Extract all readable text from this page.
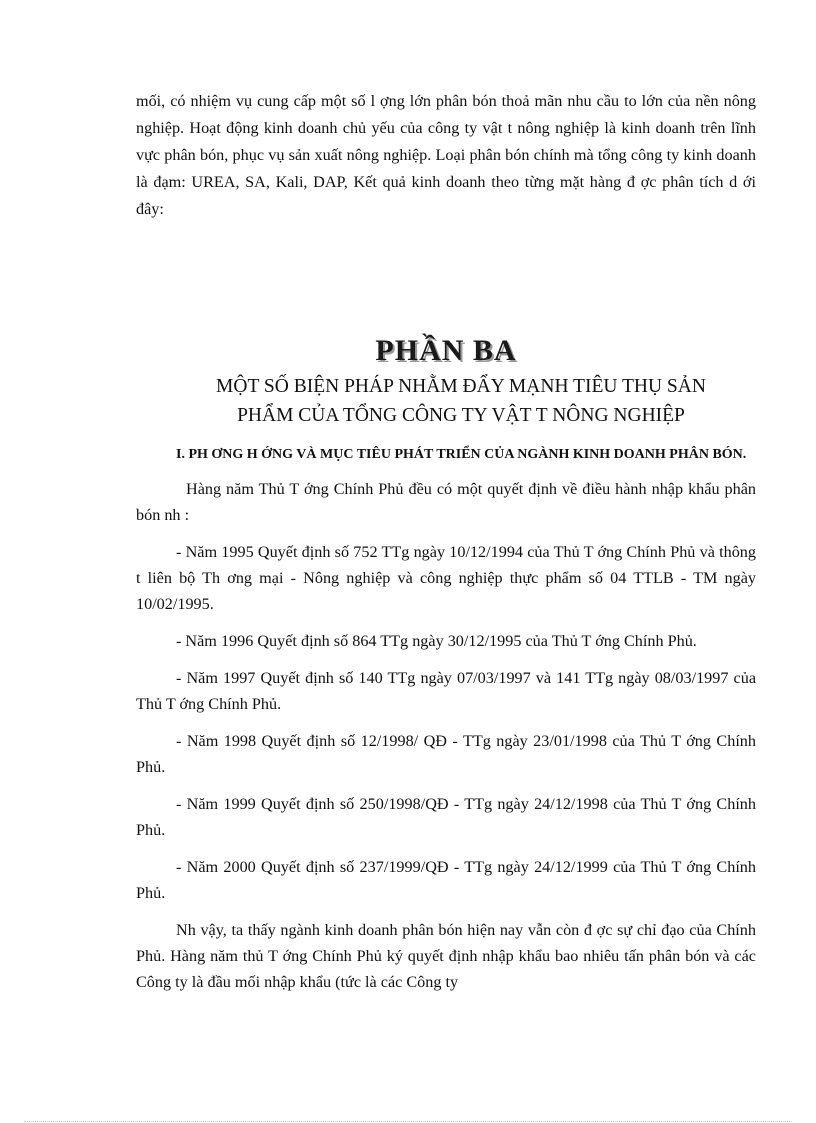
mối, có nhiệm vụ cung cấp một số l ợng lớn phân bón thoả mãn nhu cầu to lớn của nền nông nghiệp. Hoạt động kinh doanh chủ yếu của công ty vật t nông nghiệp là kinh doanh trên lĩnh vực phân bón, phục vụ sản xuất nông nghiệp. Loại phân bón chính mà tổng công ty kinh doanh là đạm: UREA, SA, Kali, DAP, Kết quả kinh doanh theo từng mặt hàng đ ợc phân tích d ới đây:

PHẦN BA
MỘT SỐ BIỆN PHÁP NHẰM ĐẨY MẠNH TIÊU THỤ SẢN
PHẨM CỦA TỔNG CÔNG TY VẬT T NÔNG NGHIỆP

I. PH ƠNG H ỚNG VÀ MỤC TIÊU PHÁT TRIỂN CỦA NGÀNH KINH DOANH PHÂN BÓN.

Hàng năm Thủ T ớng Chính Phủ đều có một quyết định về điều hành nhập khẩu phân bón nh :

- Năm 1995 Quyết định số 752 TTg ngày 10/12/1994 của Thủ T ớng Chính Phủ và thông t liên bộ Th ơng mại - Nông nghiệp và công nghiệp thực phẩm số 04 TTLB - TM ngày 10/02/1995.

- Năm 1996 Quyết định số 864 TTg ngày 30/12/1995 của Thủ T ớng Chính Phủ.

- Năm 1997 Quyết định số 140 TTg ngày 07/03/1997 và 141 TTg ngày 08/03/1997 của Thủ T ớng Chính Phủ.

- Năm 1998 Quyết định số 12/1998/ QĐ - TTg ngày 23/01/1998 của Thủ T ớng Chính Phủ.

- Năm 1999 Quyết định số 250/1998/QĐ - TTg ngày 24/12/1998 của Thủ T ớng Chính Phủ.

- Năm 2000 Quyết định số 237/1999/QĐ - TTg ngày 24/12/1999 của Thủ T ớng Chính Phủ.

Nh vậy, ta thấy ngành kinh doanh phân bón hiện nay vẫn còn đ ợc sự chỉ đạo của Chính Phủ. Hàng năm thủ T ớng Chính Phủ ký quyết định nhập khẩu bao nhiêu tấn phân bón và các Công ty là đầu mối nhập khẩu (tức là các Công ty
